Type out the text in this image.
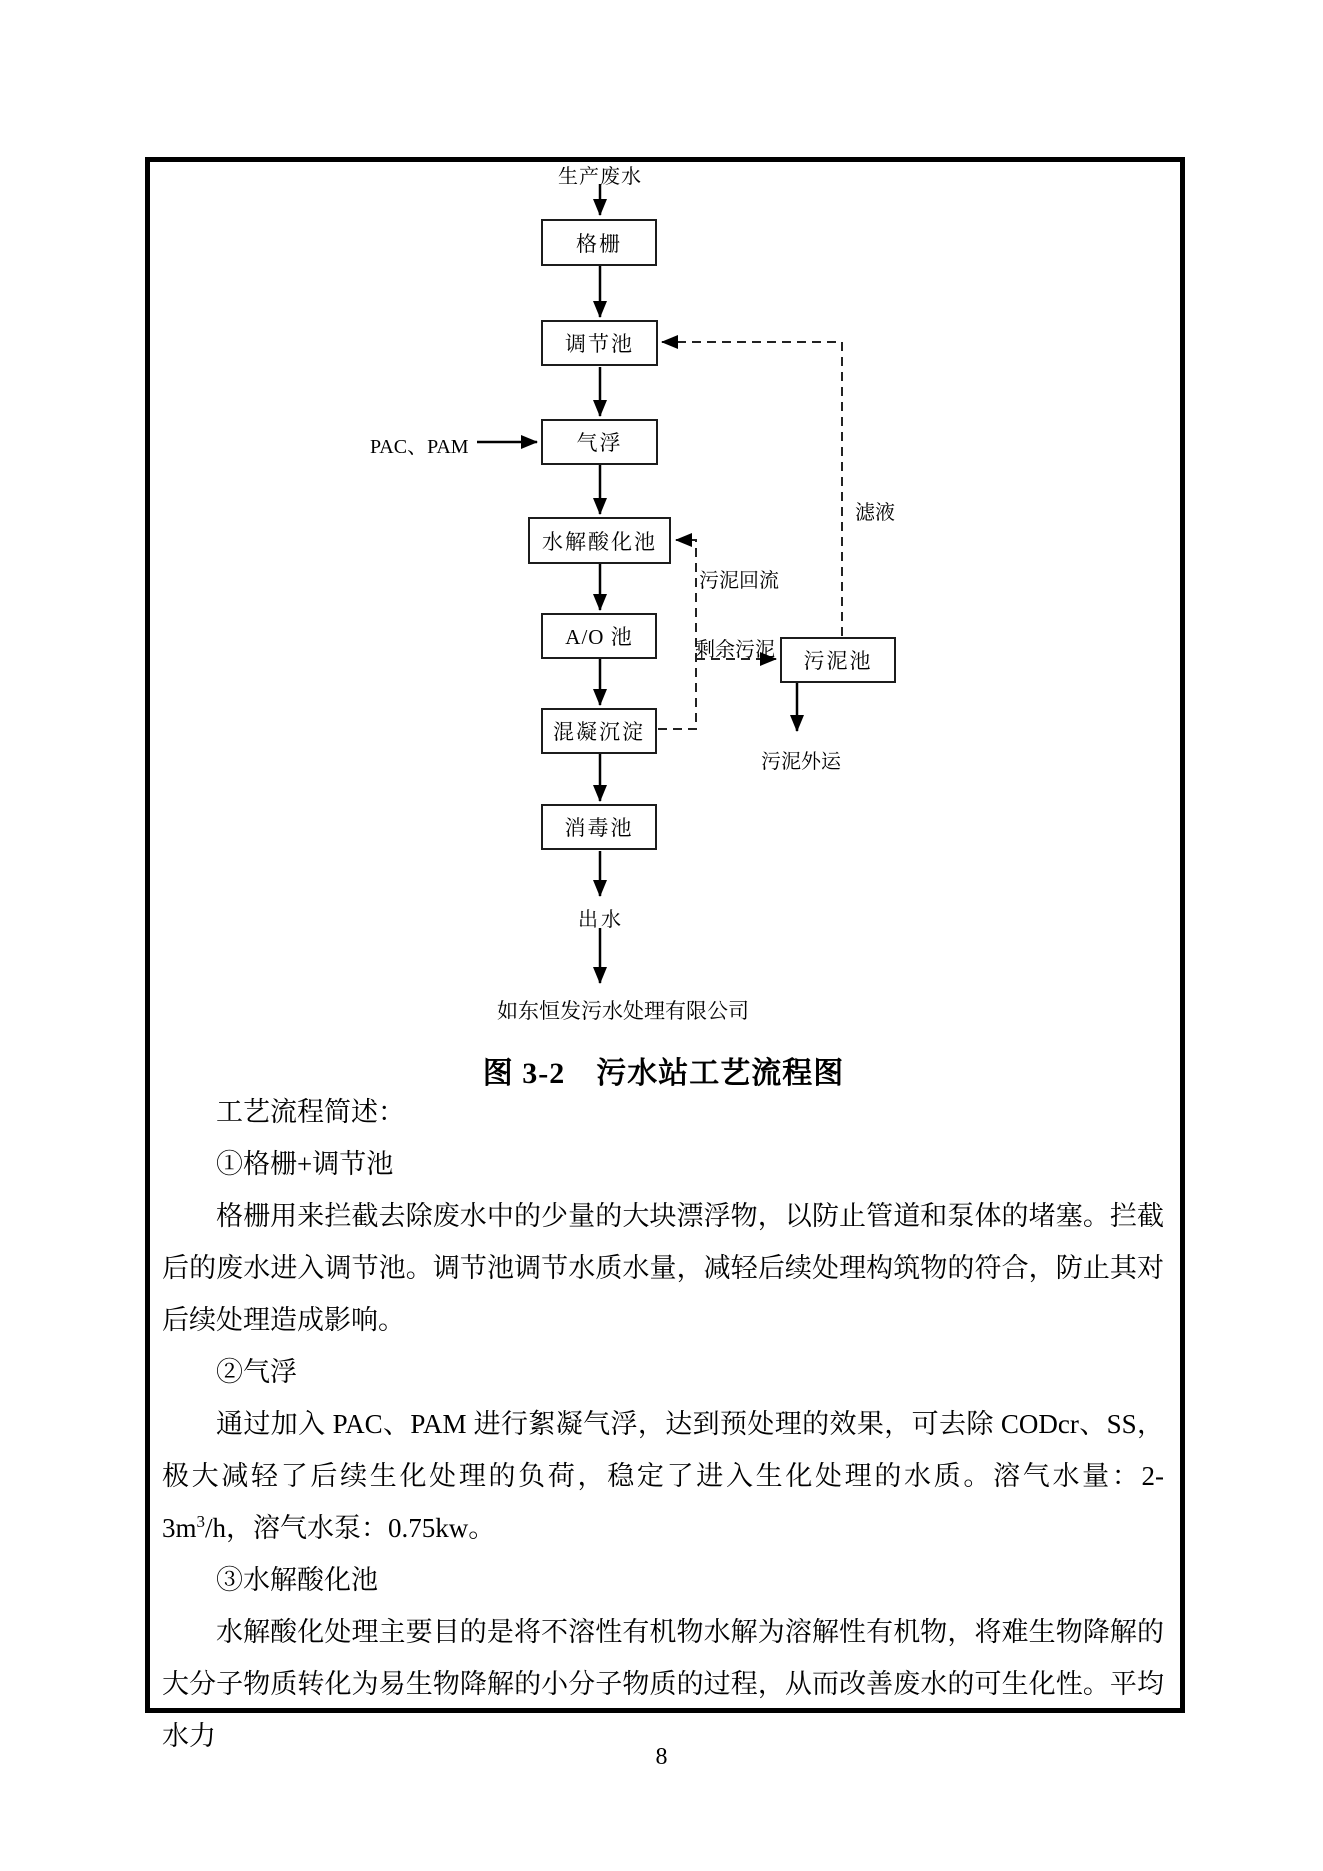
格栅
调节池
气浮
水解酸化池
A/O 池
污泥池
混凝沉淀
消毒池
生产废水
PAC、PAM
滤液
污泥回流
剩余污泥
污泥外运
出水
如东恒发污水处理有限公司
图 3-2　污水站工艺流程图

工艺流程简述：

①格栅+调节池

格栅用来拦截去除废水中的少量的大块漂浮物，以防止管道和泵体的堵塞。拦截后的废水进入调节池。调节池调节水质水量，减轻后续处理构筑物的符合，防止其对后续处理造成影响。

②气浮

通过加入 PAC、PAM 进行絮凝气浮，达到预处理的效果，可去除 CODcr、SS，极大减轻了后续生化处理的负荷，稳定了进入生化处理的水质。溶气水量：$2-3m^3/h$，溶气水泵：0.75kw。

③水解酸化池

水解酸化处理主要目的是将不溶性有机物水解为溶解性有机物，将难生物降解的大分子物质转化为易生物降解的小分子物质的过程，从而改善废水的可生化性。平均水力

8
